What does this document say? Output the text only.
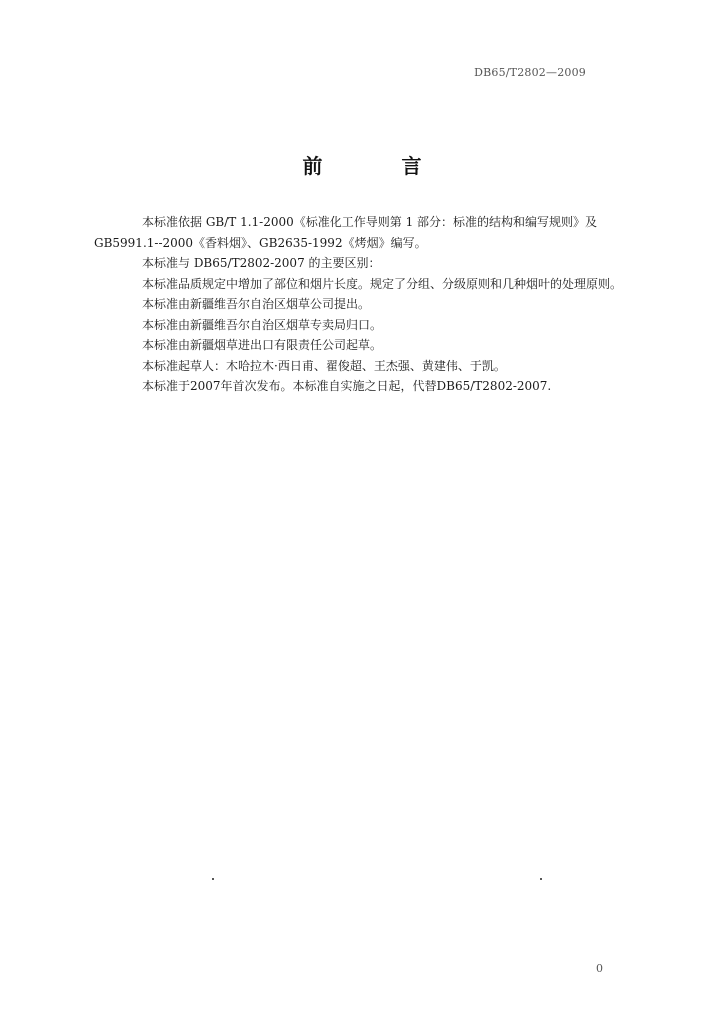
DB65/T2802—2009
前 言

本标准依据 GB/T 1.1-2000《标准化工作导则第 1 部分：标准的结构和编写规则》及GB5991.1--2000《香料烟》、GB2635-1992《烤烟》编写。

本标准与 DB65/T2802-2007 的主要区别：

本标准品质规定中增加了部位和烟片长度。规定了分组、分级原则和几种烟叶的处理原则。

本标准由新疆维吾尔自治区烟草公司提出。

本标准由新疆维吾尔自治区烟草专卖局归口。

本标准由新疆烟草进出口有限责任公司起草。

本标准起草人：木哈拉木·西日甫、翟俊超、王杰强、黄建伟、于凯。

本标准于2007年首次发布。本标准自实施之日起，代替DB65/T2802-2007.

0
